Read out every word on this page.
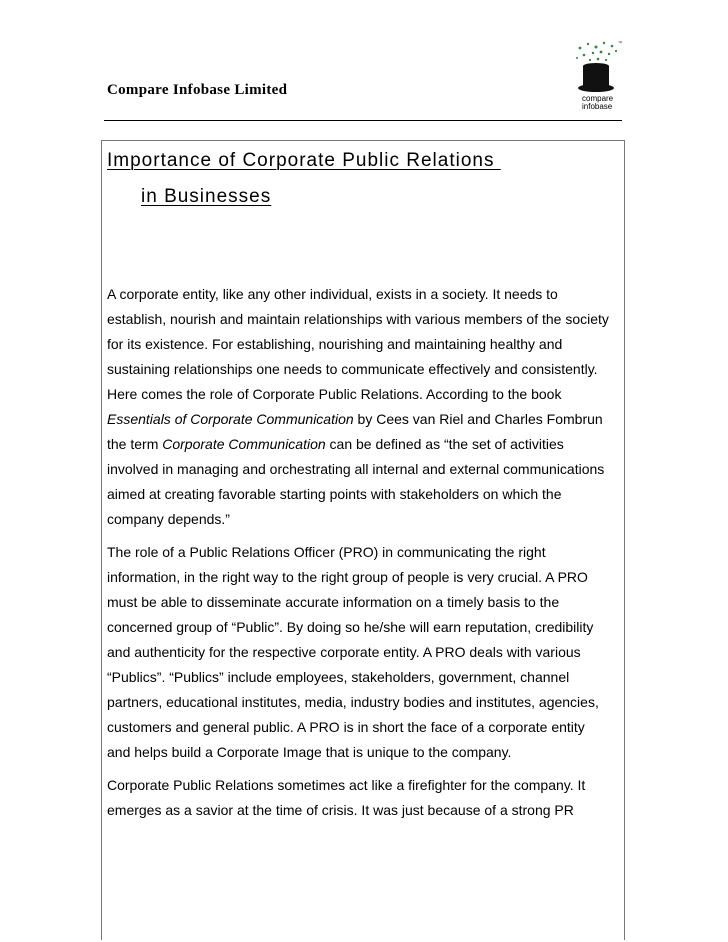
Compare Infobase Limited
™
compare
infobase
Importance of Corporate Public Relations
in Businesses

A corporate entity, like any other individual, exists in a society. It needs to
establish, nourish and maintain relationships with various members of the society
for its existence. For establishing, nourishing and maintaining healthy and
sustaining relationships one needs to communicate effectively and consistently.
Here comes the role of Corporate Public Relations. According to the book
Essentials of Corporate Communication by Cees van Riel and Charles Fombrun
the term Corporate Communication can be defined as “the set of activities
involved in managing and orchestrating all internal and external communications
aimed at creating favorable starting points with stakeholders on which the
company depends.”

The role of a Public Relations Officer (PRO) in communicating the right
information, in the right way to the right group of people is very crucial. A PRO
must be able to disseminate accurate information on a timely basis to the
concerned group of “Public”. By doing so he/she will earn reputation, credibility
and authenticity for the respective corporate entity. A PRO deals with various
“Publics”. “Publics” include employees, stakeholders, government, channel
partners, educational institutes, media, industry bodies and institutes, agencies,
customers and general public. A PRO is in short the face of a corporate entity
and helps build a Corporate Image that is unique to the company.

Corporate Public Relations sometimes act like a firefighter for the company. It
emerges as a savior at the time of crisis. It was just because of a strong PR
